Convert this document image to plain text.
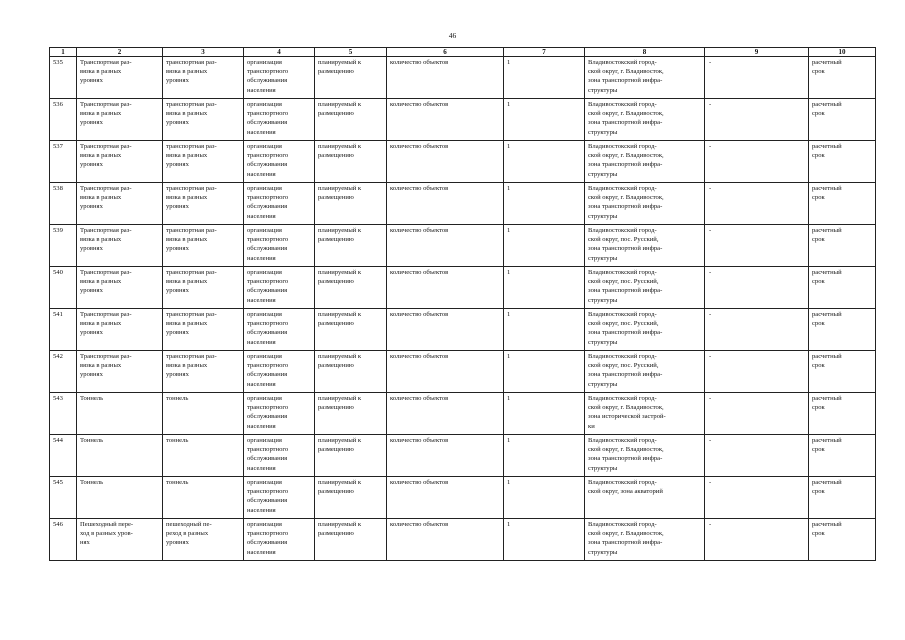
46
1	2	3	4	5	6	7	8	9	10
535	Транспортная раз-
вязка в разных
уровнях	транспортная раз-
вязка в разных
уровнях	организация
транспортного
обслуживания
населения	планируемый к
размещению	количество объектов	1	Владивостокский город-
ской округ, г. Владивосток,
зона транспортной инфра-
структуры	-	расчетный
срок
536	Транспортная раз-
вязка в разных
уровнях	транспортная раз-
вязка в разных
уровнях	организация
транспортного
обслуживания
населения	планируемый к
размещению	количество объектов	1	Владивостокский город-
ской округ, г. Владивосток,
зона транспортной инфра-
структуры	-	расчетный
срок
537	Транспортная раз-
вязка в разных
уровнях	транспортная раз-
вязка в разных
уровнях	организация
транспортного
обслуживания
населения	планируемый к
размещению	количество объектов	1	Владивостокский город-
ской округ, г. Владивосток,
зона транспортной инфра-
структуры	-	расчетный
срок
538	Транспортная раз-
вязка в разных
уровнях	транспортная раз-
вязка в разных
уровнях	организация
транспортного
обслуживания
населения	планируемый к
размещению	количество объектов	1	Владивостокский город-
ской округ, г. Владивосток,
зона транспортной инфра-
структуры	-	расчетный
срок
539	Транспортная раз-
вязка в разных
уровнях	транспортная раз-
вязка в разных
уровнях	организация
транспортного
обслуживания
населения	планируемый к
размещению	количество объектов	1	Владивостокский город-
ской округ, пос. Русский,
зона транспортной инфра-
структуры	-	расчетный
срок
540	Транспортная раз-
вязка в разных
уровнях	транспортная раз-
вязка в разных
уровнях	организация
транспортного
обслуживания
населения	планируемый к
размещению	количество объектов	1	Владивостокский город-
ской округ, пос. Русский,
зона транспортной инфра-
структуры	-	расчетный
срок
541	Транспортная раз-
вязка в разных
уровнях	транспортная раз-
вязка в разных
уровнях	организация
транспортного
обслуживания
населения	планируемый к
размещению	количество объектов	1	Владивостокский город-
ской округ, пос. Русский,
зона транспортной инфра-
структуры	-	расчетный
срок
542	Транспортная раз-
вязка в разных
уровнях	транспортная раз-
вязка в разных
уровнях	организация
транспортного
обслуживания
населения	планируемый к
размещению	количество объектов	1	Владивостокский город-
ской округ, пос. Русский,
зона транспортной инфра-
структуры	-	расчетный
срок
543	Тоннель	тоннель	организация
транспортного
обслуживания
населения	планируемый к
размещению	количество объектов	1	Владивостокский город-
ской округ, г. Владивосток,
зона исторической застрой-
ки	-	расчетный
срок
544	Тоннель	тоннель	организация
транспортного
обслуживания
населения	планируемый к
размещению	количество объектов	1	Владивостокский город-
ской округ, г. Владивосток,
зона транспортной инфра-
структуры	-	расчетный
срок
545	Тоннель	тоннель	организация
транспортного
обслуживания
населения	планируемый к
размещению	количество объектов	1	Владивостокский город-
ской округ, зона акваторий	-	расчетный
срок
546	Пешеходный пере-
ход в разных уров-
нях	пешеходный пе-
реход в разных
уровнях	организация
транспортного
обслуживания
населения	планируемый к
размещению	количество объектов	1	Владивостокский город-
ской округ, г. Владивосток,
зона транспортной инфра-
структуры	-	расчетный
срок
